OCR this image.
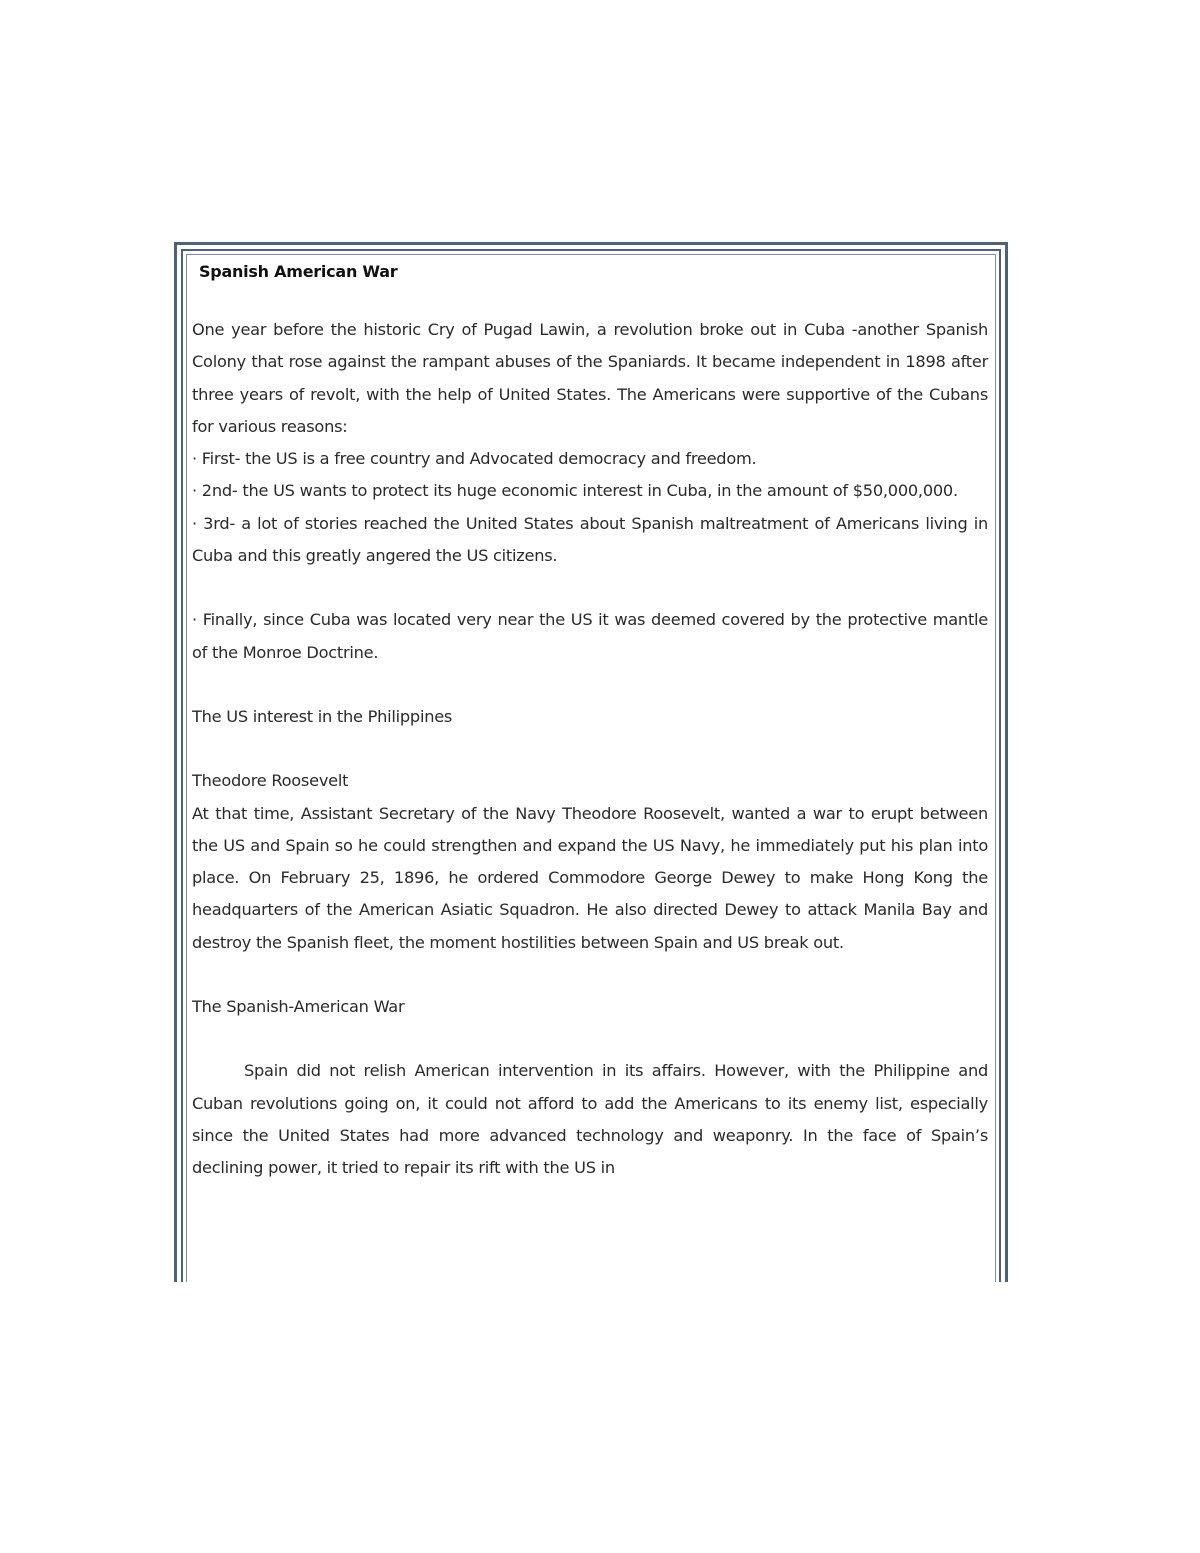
Spanish American War

One year before the historic Cry of Pugad Lawin, a revolution broke out in Cuba -another Spanish Colony that rose against the rampant abuses of the Spaniards. It became independent in 1898 after three years of revolt, with the help of United States. The Americans were supportive of the Cubans for various reasons:

· First- the US is a free country and Advocated democracy and freedom.

· 2nd- the US wants to protect its huge economic interest in Cuba, in the amount of $50,000,000.

· 3rd- a lot of stories reached the United States about Spanish maltreatment of Americans living in Cuba and this greatly angered the US citizens.

· Finally, since Cuba was located very near the US it was deemed covered by the protective mantle of the Monroe Doctrine.

The US interest in the Philippines

Theodore Roosevelt

At that time, Assistant Secretary of the Navy Theodore Roosevelt, wanted a war to erupt between the US and Spain so he could strengthen and expand the US Navy, he immediately put his plan into place. On February 25, 1896, he ordered Commodore George Dewey to make Hong Kong the headquarters of the American Asiatic Squadron. He also directed Dewey to attack Manila Bay and destroy the Spanish fleet, the moment hostilities between Spain and US break out.

The Spanish-American War

Spain did not relish American intervention in its affairs. However, with the Philippine and Cuban revolutions going on, it could not afford to add the Americans to its enemy list, especially since the United States had more advanced technology and weaponry. In the face of Spain’s declining power, it tried to repair its rift with the US in
